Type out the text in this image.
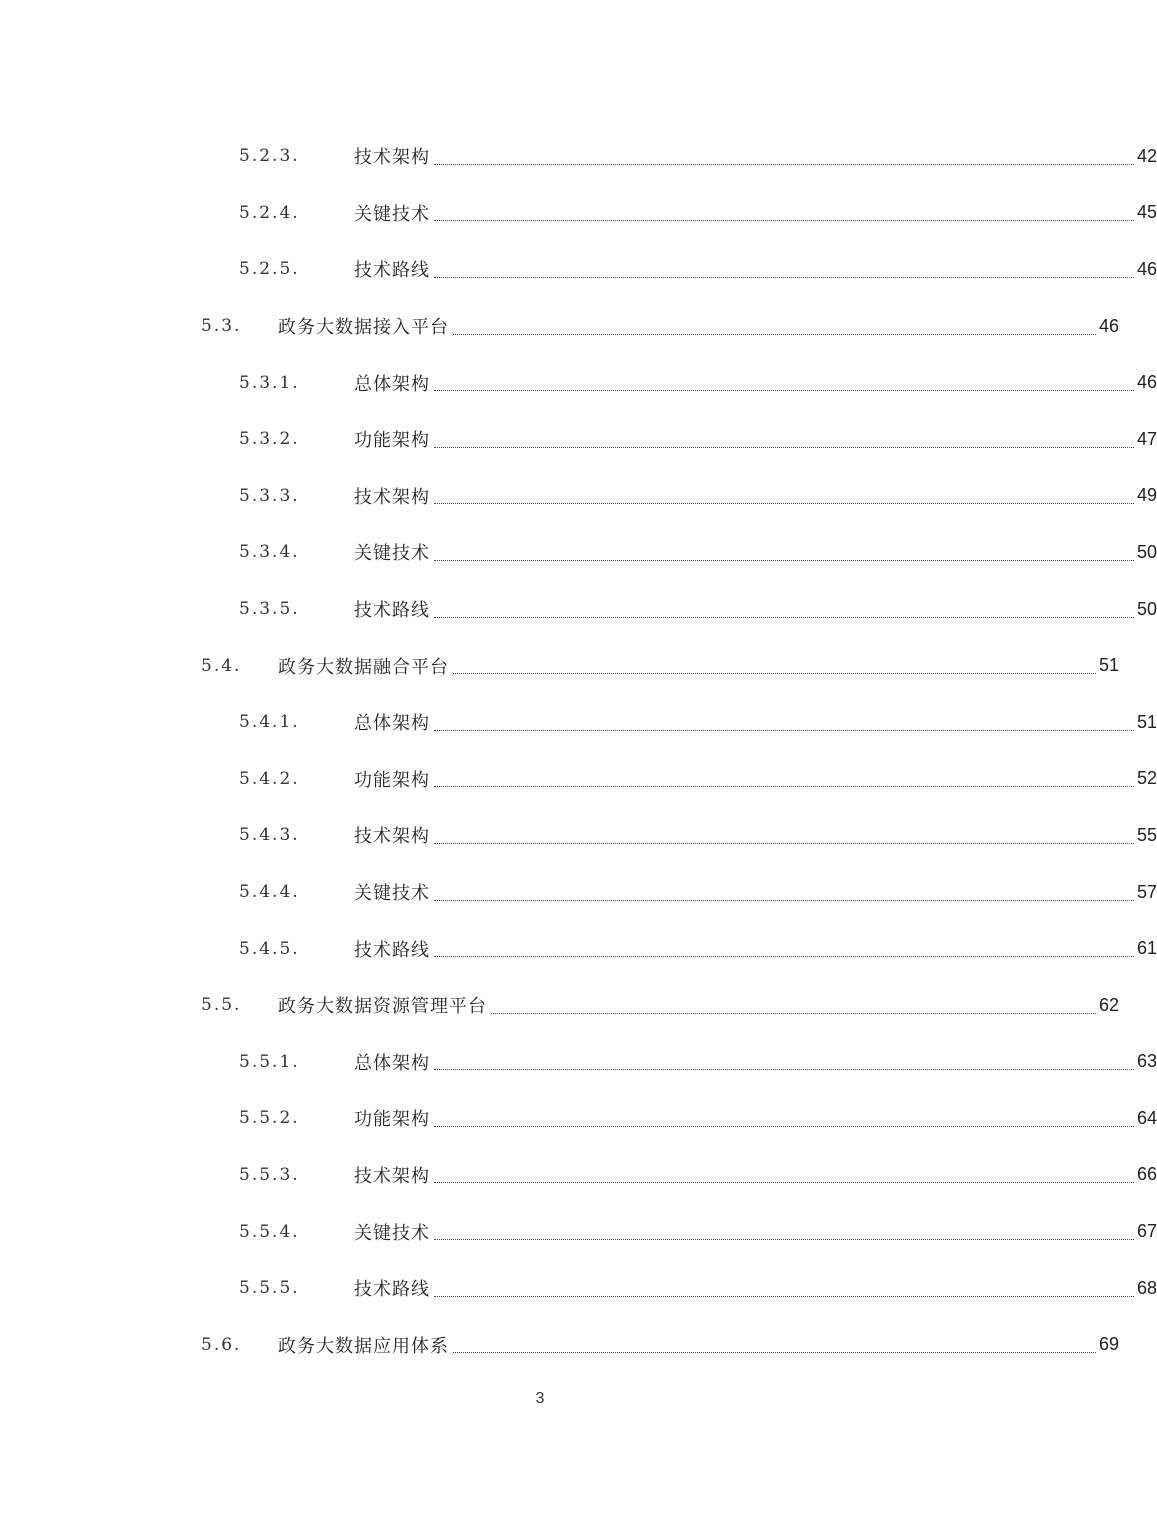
5.2.3.	技术架构	42
5.2.4.	关键技术	45
5.2.5.	技术路线	46
5.3.	政务大数据接入平台	46
5.3.1.	总体架构	46
5.3.2.	功能架构	47
5.3.3.	技术架构	49
5.3.4.	关键技术	50
5.3.5.	技术路线	50
5.4.	政务大数据融合平台	51
5.4.1.	总体架构	51
5.4.2.	功能架构	52
5.4.3.	技术架构	55
5.4.4.	关键技术	57
5.4.5.	技术路线	61
5.5.	政务大数据资源管理平台	62
5.5.1.	总体架构	63
5.5.2.	功能架构	64
5.5.3.	技术架构	66
5.5.4.	关键技术	67
5.5.5.	技术路线	68
5.6.	政务大数据应用体系	69
3
